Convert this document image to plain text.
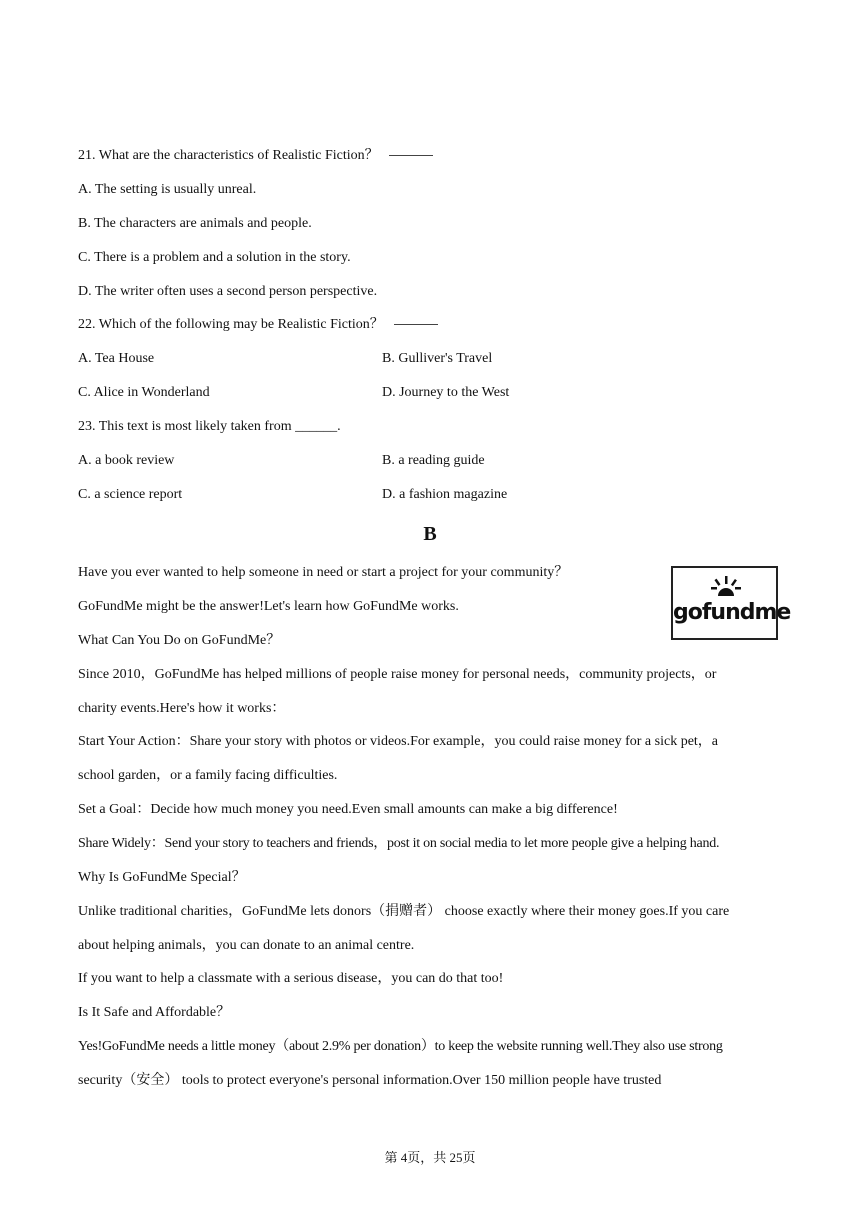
21. What are the characteristics of Realistic Fiction？
A. The setting is usually unreal.
B. The characters are animals and people.
C. There is a problem and a solution in the story.
D. The writer often uses a second person perspective.
22. Which of the following may be Realistic Fiction？
A. Tea House	B. Gulliver's Travel
C. Alice in Wonderland	D. Journey to the West
23. This text is most likely taken from ______.
A. a book review	B. a reading guide
C. a science report	D. a fashion magazine
B
gofundme
Have you ever wanted to help someone in need or start a project for your community？
GoFundMe might be the answer!Let's learn how GoFundMe works.
What Can You Do on GoFundMe？
Since 2010，GoFundMe has helped millions of people raise money for personal needs，community projects，or
charity events.Here's how it works：
Start Your Action：Share your story with photos or videos.For example，you could raise money for a sick pet，a
school garden，or a family facing difficulties.
Set a Goal：Decide how much money you need.Even small amounts can make a big difference!
Share Widely：Send your story to teachers and friends，post it on social media to let more people give a helping hand.
Why Is GoFundMe Special？
Unlike traditional charities，GoFundMe lets donors（捐赠者） choose exactly where their money goes.If you care
about helping animals，you can donate to an animal centre.
If you want to help a classmate with a serious disease，you can do that too!
Is It Safe and Affordable？
Yes!GoFundMe needs a little money（about 2.9% per donation）to keep the website running well.They also use strong
security（安全） tools to protect everyone's personal information.Over 150 million people have trusted
第 4页，共 25页
